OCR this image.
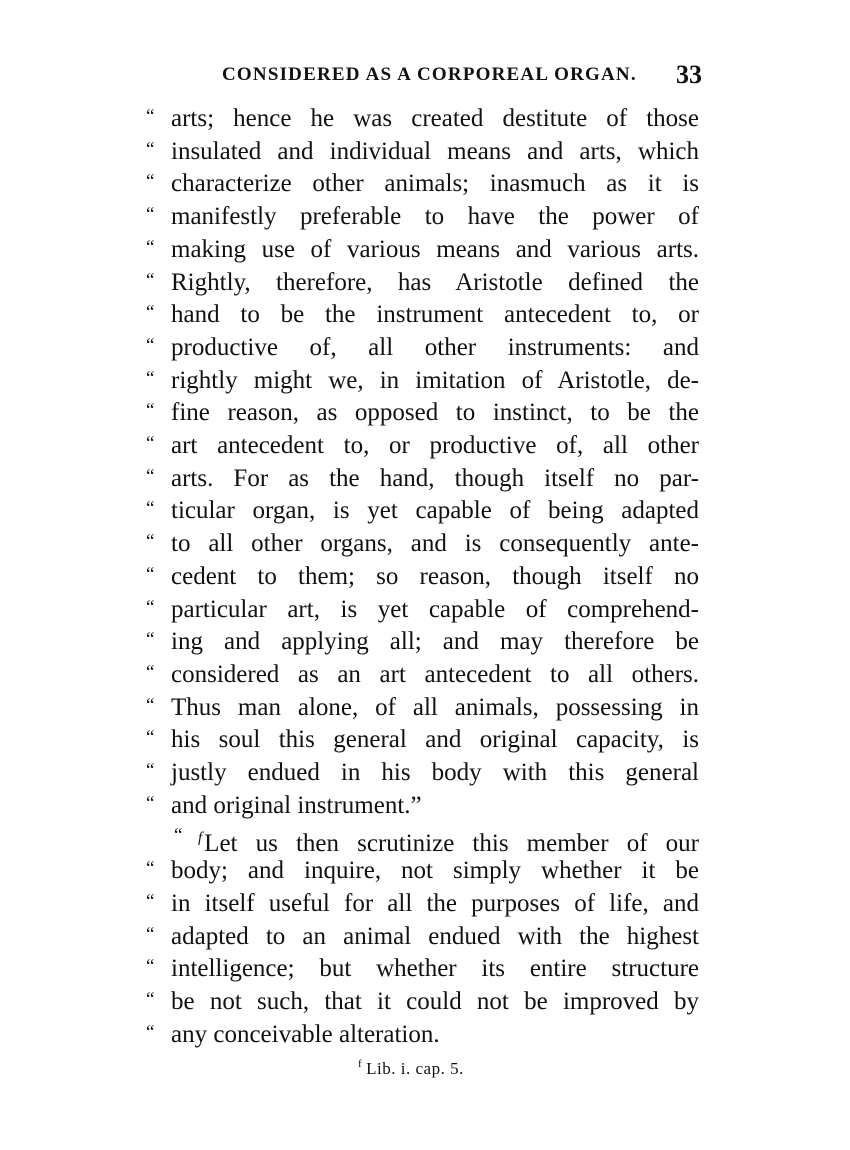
CONSIDERED AS A CORPOREAL ORGAN. 33
“ arts; hence he was created destitute of those
“ insulated and individual means and arts, which
“ characterize other animals; inasmuch as it is
“ manifestly preferable to have the power of
“ making use of various means and various arts.
“ Rightly, therefore, has Aristotle defined the
“ hand to be the instrument antecedent to, or
“ productive of, all other instruments: and
“ rightly might we, in imitation of Aristotle, de-
“ fine reason, as opposed to instinct, to be the
“ art antecedent to, or productive of, all other
“ arts. For as the hand, though itself no par-
“ ticular organ, is yet capable of being adapted
“ to all other organs, and is consequently ante-
“ cedent to them; so reason, though itself no
“ particular art, is yet capable of comprehend-
“ ing and applying all; and may therefore be
“ considered as an art antecedent to all others.
“ Thus man alone, of all animals, possessing in
“ his soul this general and original capacity, is
“ justly endued in his body with this general
“ and original instrument.”
“ $^f$Let us then scrutinize this member of our
“ body; and inquire, not simply whether it be
“ in itself useful for all the purposes of life, and
“ adapted to an animal endued with the highest
“ intelligence; but whether its entire structure
“ be not such, that it could not be improved by
“ any conceivable alteration.
$^f$ Lib. i. cap. 5.
